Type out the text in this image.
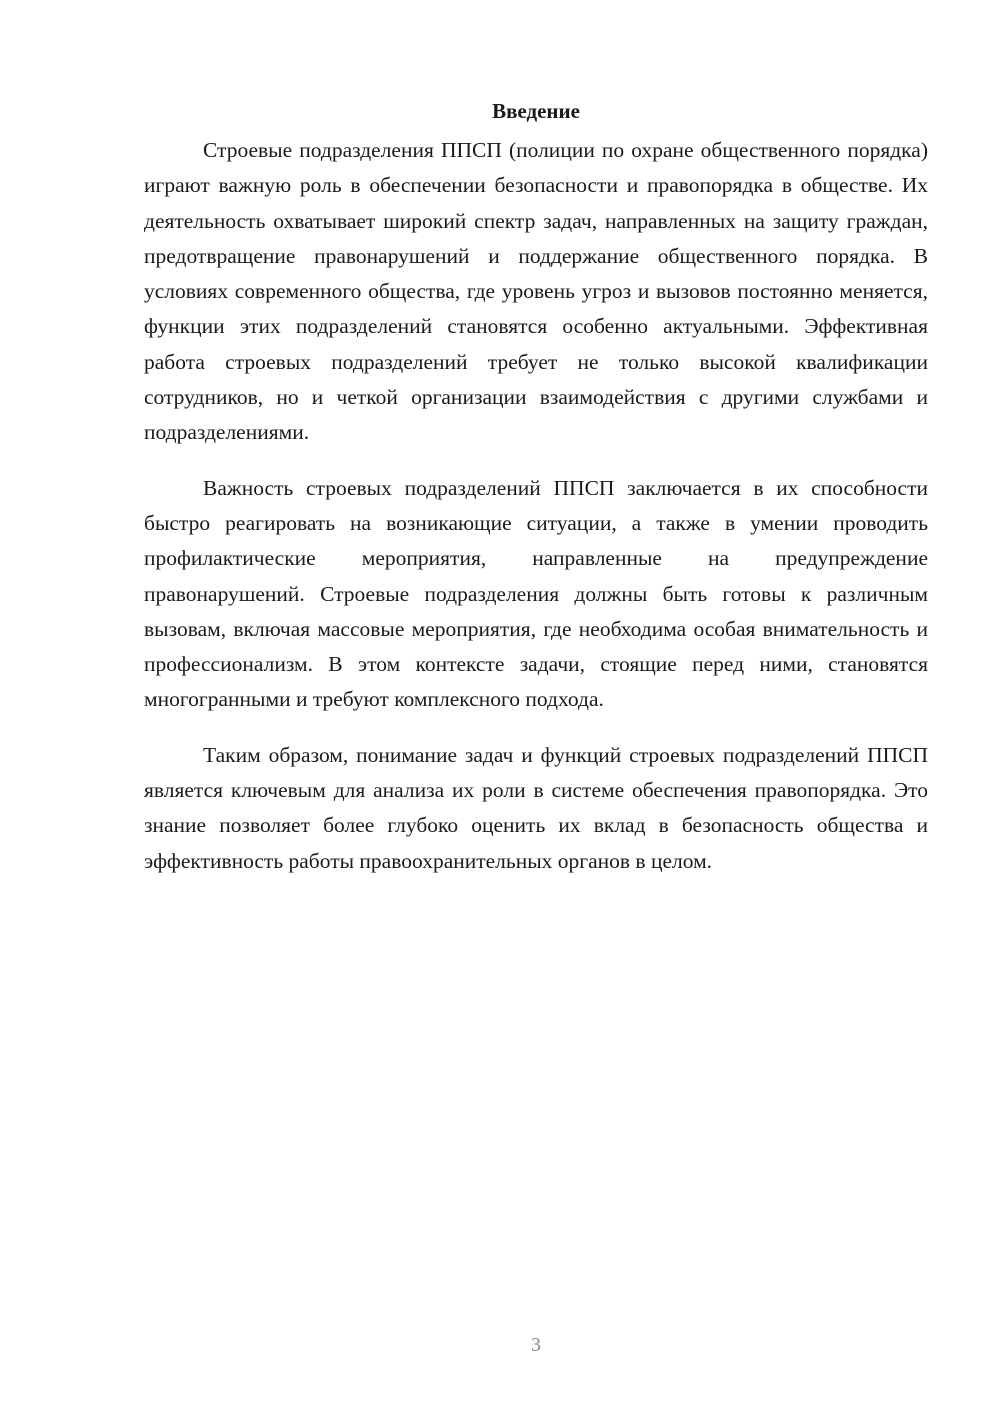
Введение

Строевые подразделения ППСП (полиции по охране общественного порядка) играют важную роль в обеспечении безопасности и правопорядка в обществе. Их деятельность охватывает широкий спектр задач, направленных на защиту граждан, предотвращение правонарушений и поддержание общественного порядка. В условиях современного общества, где уровень угроз и вызовов постоянно меняется, функции этих подразделений становятся особенно актуальными. Эффективная работа строевых подразделений требует не только высокой квалификации сотрудников, но и четкой организации взаимодействия с другими службами и подразделениями.

Важность строевых подразделений ППСП заключается в их способности быстро реагировать на возникающие ситуации, а также в умении проводить профилактические мероприятия, направленные на предупреждение правонарушений. Строевые подразделения должны быть готовы к различным вызовам, включая массовые мероприятия, где необходима особая внимательность и профессионализм. В этом контексте задачи, стоящие перед ними, становятся многогранными и требуют комплексного подхода.

Таким образом, понимание задач и функций строевых подразделений ППСП является ключевым для анализа их роли в системе обеспечения правопорядка. Это знание позволяет более глубоко оценить их вклад в безопасность общества и эффективность работы правоохранительных органов в целом.

3
